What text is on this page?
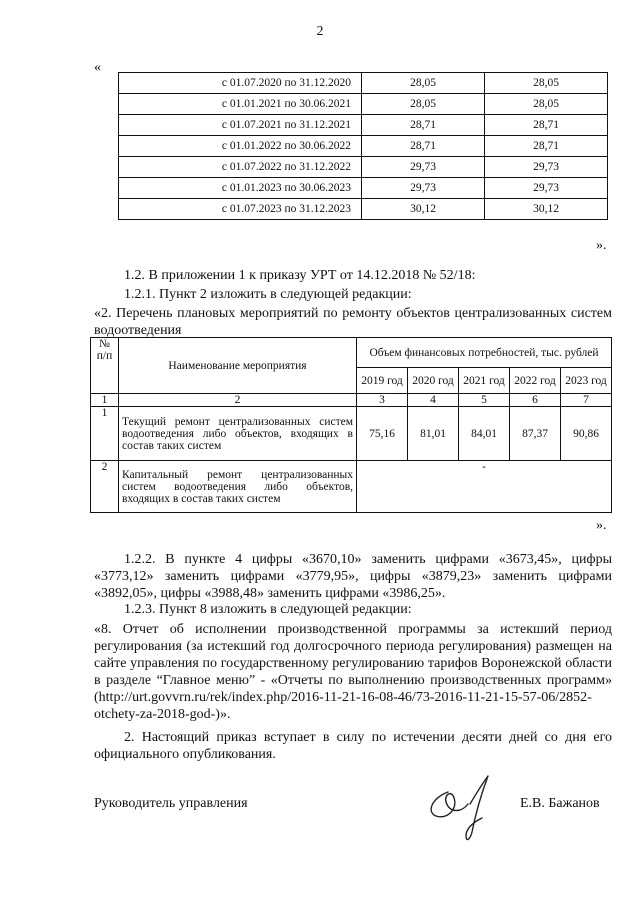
2
«
с 01.07.2020 по 31.12.2020	28,05	28,05
с 01.01.2021 по 30.06.2021	28,05	28,05
с 01.07.2021 по 31.12.2021	28,71	28,71
с 01.01.2022 по 30.06.2022	28,71	28,71
с 01.07.2022 по 31.12.2022	29,73	29,73
с 01.01.2023 по 30.06.2023	29,73	29,73
с 01.07.2023 по 31.12.2023	30,12	30,12
».
1.2. В приложении 1 к приказу УРТ от 14.12.2018 № 52/18:
1.2.1. Пункт 2 изложить в следующей редакции:
«2. Перечень плановых мероприятий по ремонту объектов централизованных систем водоотведения
№ п/п	Наименование мероприятия	Объем финансовых потребностей, тыс. рублей				
		2019 год	2020 год	2021 год	2022 год	2023 год
1	2	3	4	5	6	7
1	Текущий ремонт централизованных систем водоотведения либо объектов, входящих в состав таких систем	75,16	81,01	84,01	87,37	90,86
2	Капитальный ремонт централизованных систем водоотведения либо объектов, входящих в состав таких систем	-				
».
1.2.2. В пункте 4 цифры «3670,10» заменить цифрами «3673,45», цифры «3773,12» заменить цифрами «3779,95», цифры «3879,23» заменить цифрами «3892,05», цифры «3988,48» заменить цифрами «3986,25».
1.2.3. Пункт 8 изложить в следующей редакции:
«8. Отчет об исполнении производственной программы за истекший период регулирования (за истекший год долгосрочного периода регулирования) размещен на сайте управления по государственному регулированию тарифов Воронежской области в разделе “Главное меню” - «Отчеты по выполнению производственных программ» (http://urt.govvrn.ru/rek/index.php/2016-11-21-16-08-46/73-2016-11-21-15-57-06/2852-otchety-za-2018-god-)».
2. Настоящий приказ вступает в силу по истечении десяти дней со дня его официального опубликования.
Руководитель управления	Е.В. Бажанов
